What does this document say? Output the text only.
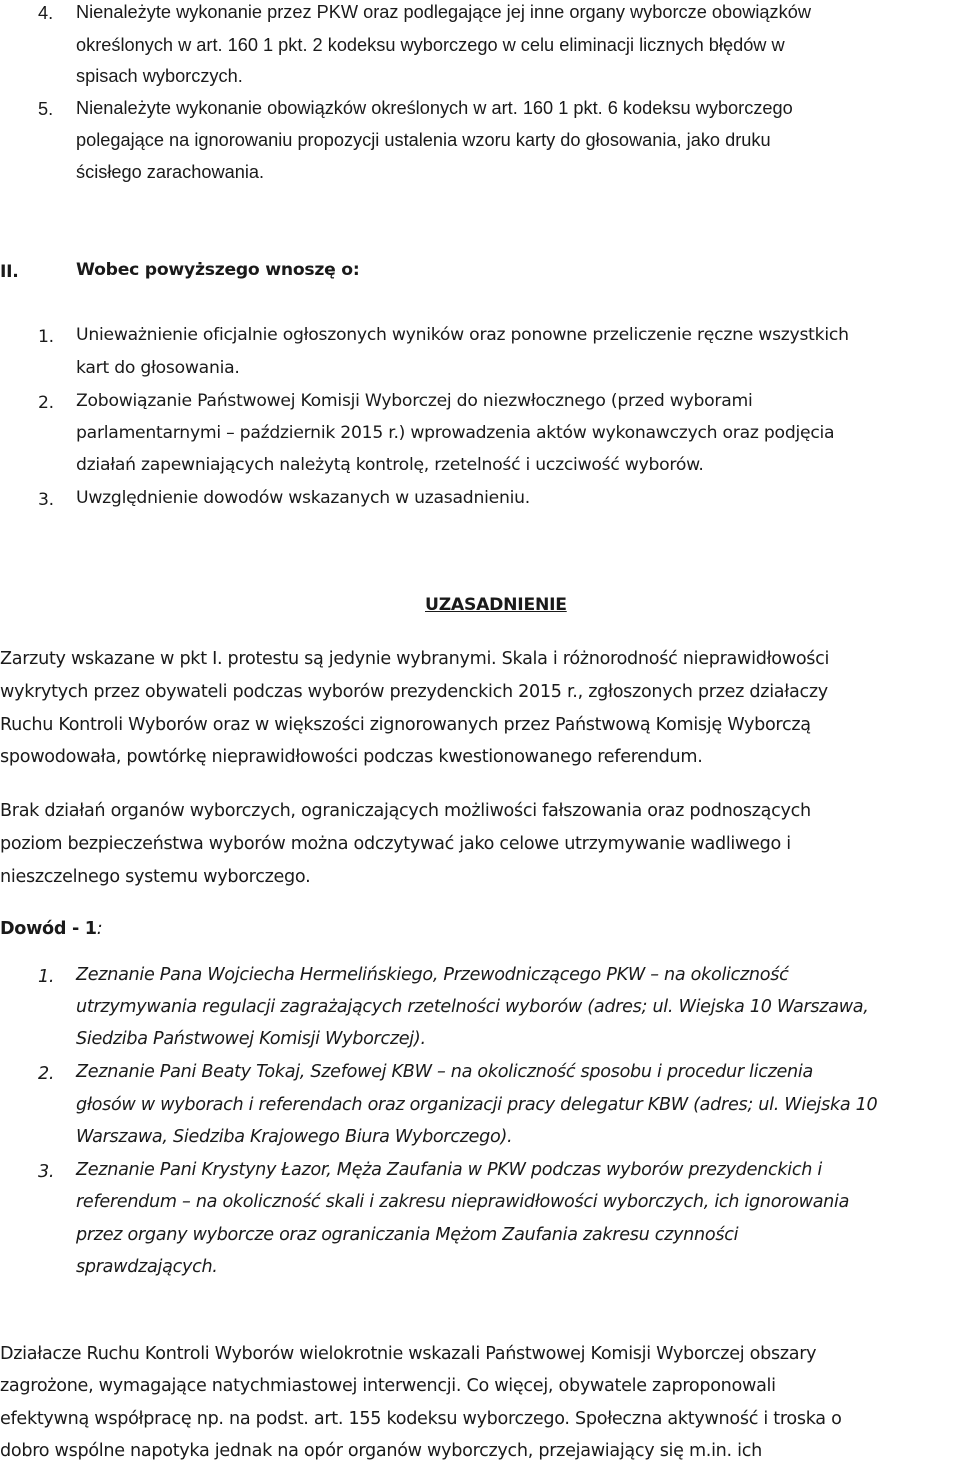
4. Nienależyte wykonanie przez PKW oraz podlegające jej inne organy wyborcze obowiązków
określonych w art. 160 1 pkt. 2 kodeksu wyborczego w celu eliminacji licznych błędów w
spisach wyborczych.
5. Nienależyte wykonanie obowiązków określonych w art. 160 1 pkt. 6 kodeksu wyborczego
polegające na ignorowaniu propozycji ustalenia wzoru karty do głosowania, jako druku
ścisłego zarachowania.
II.	Wobec powyższego wnoszę o:
1. Unieważnienie oficjalnie ogłoszonych wyników oraz ponowne przeliczenie ręczne wszystkich
kart do głosowania.
2. Zobowiązanie Państwowej Komisji Wyborczej do niezwłocznego (przed wyborami
parlamentarnymi – październik 2015 r.) wprowadzenia aktów wykonawczych oraz podjęcia
działań zapewniających należytą kontrolę, rzetelność i uczciwość wyborów.
3. Uwzględnienie dowodów wskazanych w uzasadnieniu.
UZASADNIENIE
Zarzuty wskazane w pkt I. protestu są jedynie wybranymi. Skala i różnorodność nieprawidłowości
wykrytych przez obywateli podczas wyborów prezydenckich 2015 r., zgłoszonych przez działaczy
Ruchu Kontroli Wyborów oraz w większości zignorowanych przez Państwową Komisję Wyborczą
spowodowała, powtórkę nieprawidłowości podczas kwestionowanego referendum.
Brak działań organów wyborczych, ograniczających możliwości fałszowania oraz podnoszących
poziom bezpieczeństwa wyborów można odczytywać jako celowe utrzymywanie wadliwego i
nieszczelnego systemu wyborczego.
Dowód - 1:
1. Zeznanie Pana Wojciecha Hermelińskiego, Przewodniczącego PKW – na okoliczność
utrzymywania regulacji zagrażających rzetelności wyborów (adres; ul. Wiejska 10 Warszawa,
Siedziba Państwowej Komisji Wyborczej).
2. Zeznanie Pani Beaty Tokaj, Szefowej KBW – na okoliczność sposobu i procedur liczenia
głosów w wyborach i referendach oraz organizacji pracy delegatur KBW (adres; ul. Wiejska 10
Warszawa, Siedziba Krajowego Biura Wyborczego).
3. Zeznanie Pani Krystyny Łazor, Męża Zaufania w PKW podczas wyborów prezydenckich i
referendum – na okoliczność skali i zakresu nieprawidłowości wyborczych, ich ignorowania
przez organy wyborcze oraz ograniczania Mężom Zaufania zakresu czynności
sprawdzających.
Działacze Ruchu Kontroli Wyborów wielokrotnie wskazali Państwowej Komisji Wyborczej obszary
zagrożone, wymagające natychmiastowej interwencji. Co więcej, obywatele zaproponowali
efektywną współpracę np. na podst. art. 155 kodeksu wyborczego. Społeczna aktywność i troska o
dobro wspólne napotyka jednak na opór organów wyborczych, przejawiający się m.in. ich
